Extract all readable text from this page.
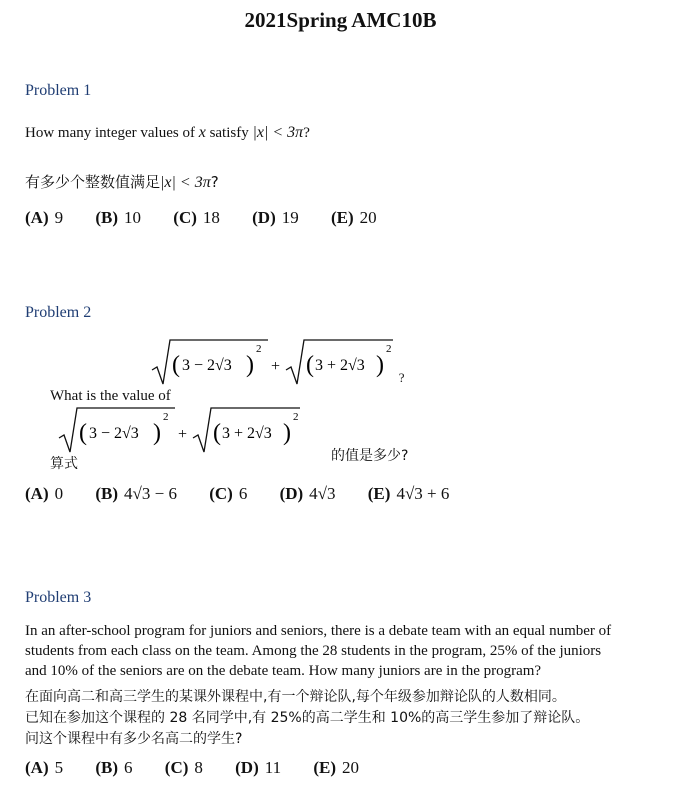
2021Spring AMC10B
Problem 1
How many integer values of x satisfy |x| < 3π?
有多少个整数值满足|x| < 3π?
(A) 9 (B) 10 (C) 18 (D) 19 (E) 20
Problem 2
What is the value of
( 3 − 2√3 )
2
+ ( 3 + 2√3 )
2
$_?$
算式
( 3 − 2√3 )
2
+ ( 3 + 2√3 )
2
的值是多少?
(A) 0 (B) 4√3 − 6 (C) 6 (D) 4√3 (E) 4√3 + 6
Problem 3
In an after-school program for juniors and seniors, there is a debate team with an equal number of
students from each class on the team. Among the 28 students in the program, 25% of the juniors
and 10% of the seniors are on the debate team. How many juniors are in the program?
在面向高二和高三学生的某课外课程中,有一个辩论队,每个年级参加辩论队的人数相同。
已知在参加这个课程的 28 名同学中,有 25%的高二学生和 10%的高三学生参加了辩论队。
问这个课程中有多少名高二的学生?
(A) 5 (B) 6 (C) 8 (D) 11 (E) 20
